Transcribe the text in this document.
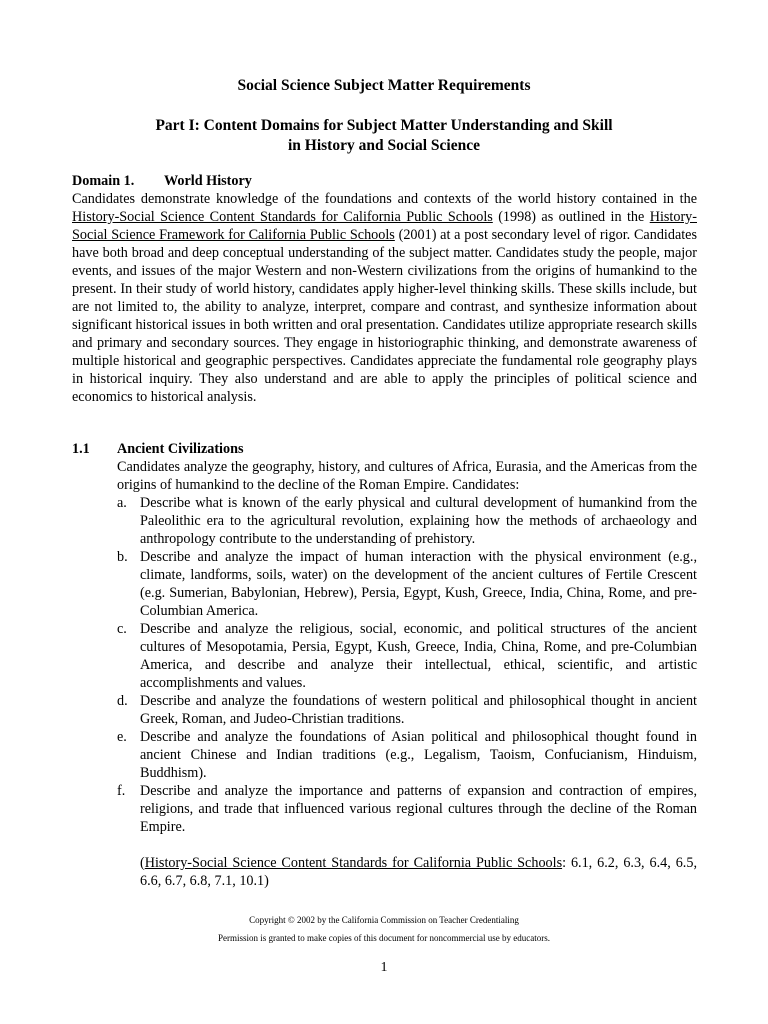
Social Science Subject Matter Requirements

Part I: Content Domains for Subject Matter Understanding and Skill

in History and Social Science

Domain 1. World History

Candidates demonstrate knowledge of the foundations and contexts of the world history contained in the History-Social Science Content Standards for California Public Schools (1998) as outlined in the History-Social Science Framework for California Public Schools (2001) at a post secondary level of rigor. Candidates have both broad and deep conceptual understanding of the subject matter. Candidates study the people, major events, and issues of the major Western and non-Western civilizations from the origins of humankind to the present. In their study of world history, candidates apply higher-level thinking skills. These skills include, but are not limited to, the ability to analyze, interpret, compare and contrast, and synthesize information about significant historical issues in both written and oral presentation. Candidates utilize appropriate research skills and primary and secondary sources. They engage in historiographic thinking, and demonstrate awareness of multiple historical and geographic perspectives. Candidates appreciate the fundamental role geography plays in historical inquiry. They also understand and are able to apply the principles of political science and economics to historical analysis.

1.1 Ancient Civilizations

Candidates analyze the geography, history, and cultures of Africa, Eurasia, and the Americas from the origins of humankind to the decline of the Roman Empire. Candidates:

a. Describe what is known of the early physical and cultural development of humankind from the Paleolithic era to the agricultural revolution, explaining how the methods of archaeology and anthropology contribute to the understanding of prehistory.
b. Describe and analyze the impact of human interaction with the physical environment (e.g., climate, landforms, soils, water) on the development of the ancient cultures of Fertile Crescent (e.g. Sumerian, Babylonian, Hebrew), Persia, Egypt, Kush, Greece, India, China, Rome, and pre-Columbian America.
c. Describe and analyze the religious, social, economic, and political structures of the ancient cultures of Mesopotamia, Persia, Egypt, Kush, Greece, India, China, Rome, and pre-Columbian America, and describe and analyze their intellectual, ethical, scientific, and artistic accomplishments and values.
d. Describe and analyze the foundations of western political and philosophical thought in ancient Greek, Roman, and Judeo-Christian traditions.
e. Describe and analyze the foundations of Asian political and philosophical thought found in ancient Chinese and Indian traditions (e.g., Legalism, Taoism, Confucianism, Hinduism, Buddhism).
f.	Describe and analyze the importance and patterns of expansion and contraction of empires, religions, and trade that influenced various regional cultures through the decline of the Roman Empire.

(History-Social Science Content Standards for California Public Schools: 6.1, 6.2, 6.3, 6.4, 6.5, 6.6, 6.7, 6.8, 7.1, 10.1)

Copyright © 2002 by the California Commission on Teacher Credentialing

Permission is granted to make copies of this document for noncommercial use by educators.

1
